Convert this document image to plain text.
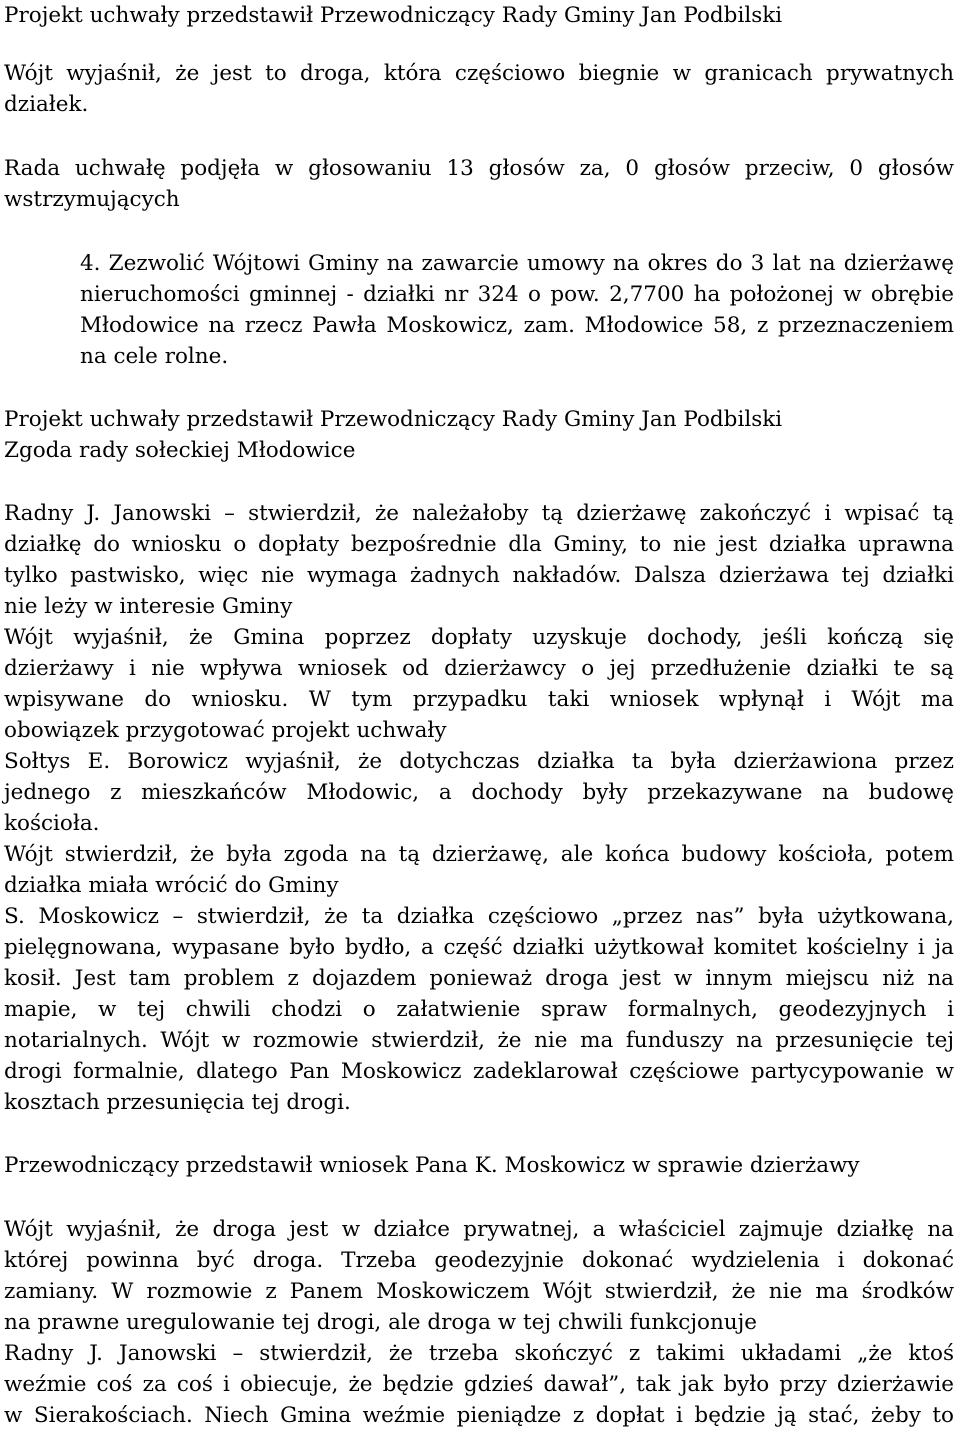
Projekt uchwały przedstawił Przewodniczący Rady Gminy Jan Podbilski

Wójt wyjaśnił, że jest to droga, która częściowo biegnie w granicach prywatnych

działek.

Rada uchwałę podjęła w głosowaniu 13 głosów za, 0 głosów przeciw, 0 głosów

wstrzymujących

4. Zezwolić Wójtowi Gminy na zawarcie umowy na okres do 3 lat na dzierżawę

nieruchomości gminnej - działki nr 324 o pow. 2,7700 ha położonej w obrębie

Młodowice na rzecz Pawła Moskowicz, zam. Młodowice 58, z przeznaczeniem

na cele rolne.

Projekt uchwały przedstawił Przewodniczący Rady Gminy Jan Podbilski

Zgoda rady sołeckiej Młodowice

Radny J. Janowski – stwierdził, że należałoby tą dzierżawę zakończyć i wpisać tą

działkę do wniosku o dopłaty bezpośrednie dla Gminy, to nie jest działka uprawna

tylko pastwisko, więc nie wymaga żadnych nakładów. Dalsza dzierżawa tej działki

nie leży w interesie Gminy

Wójt wyjaśnił, że Gmina poprzez dopłaty uzyskuje dochody, jeśli kończą się

dzierżawy i nie wpływa wniosek od dzierżawcy o jej przedłużenie działki te są

wpisywane do wniosku. W tym przypadku taki wniosek wpłynął i Wójt ma

obowiązek przygotować projekt uchwały

Sołtys E. Borowicz wyjaśnił, że dotychczas działka ta była dzierżawiona przez

jednego z mieszkańców Młodowic, a dochody były przekazywane na budowę

kościoła.

Wójt stwierdził, że była zgoda na tą dzierżawę, ale końca budowy kościoła, potem

działka miała wrócić do Gminy

S. Moskowicz – stwierdził, że ta działka częściowo „przez nas” była użytkowana,

pielęgnowana, wypasane było bydło, a część działki użytkował komitet kościelny i ja

kosił. Jest tam problem z dojazdem ponieważ droga jest w innym miejscu niż na

mapie, w tej chwili chodzi o załatwienie spraw formalnych, geodezyjnych i

notarialnych. Wójt w rozmowie stwierdził, że nie ma funduszy na przesunięcie tej

drogi formalnie, dlatego Pan Moskowicz zadeklarował częściowe partycypowanie w

kosztach przesunięcia tej drogi.

Przewodniczący przedstawił wniosek Pana K. Moskowicz w sprawie dzierżawy

Wójt wyjaśnił, że droga jest w działce prywatnej, a właściciel zajmuje działkę na

której powinna być droga. Trzeba geodezyjnie dokonać wydzielenia i dokonać

zamiany. W rozmowie z Panem Moskowiczem Wójt stwierdził, że nie ma środków

na prawne uregulowanie tej drogi, ale droga w tej chwili funkcjonuje

Radny J. Janowski – stwierdził, że trzeba skończyć z takimi układami „że ktoś

weźmie coś za coś i obiecuje, że będzie gdzieś dawał”, tak jak było przy dzierżawie

w Sierakościach. Niech Gmina weźmie pieniądze z dopłat i będzie ją stać, żeby to
